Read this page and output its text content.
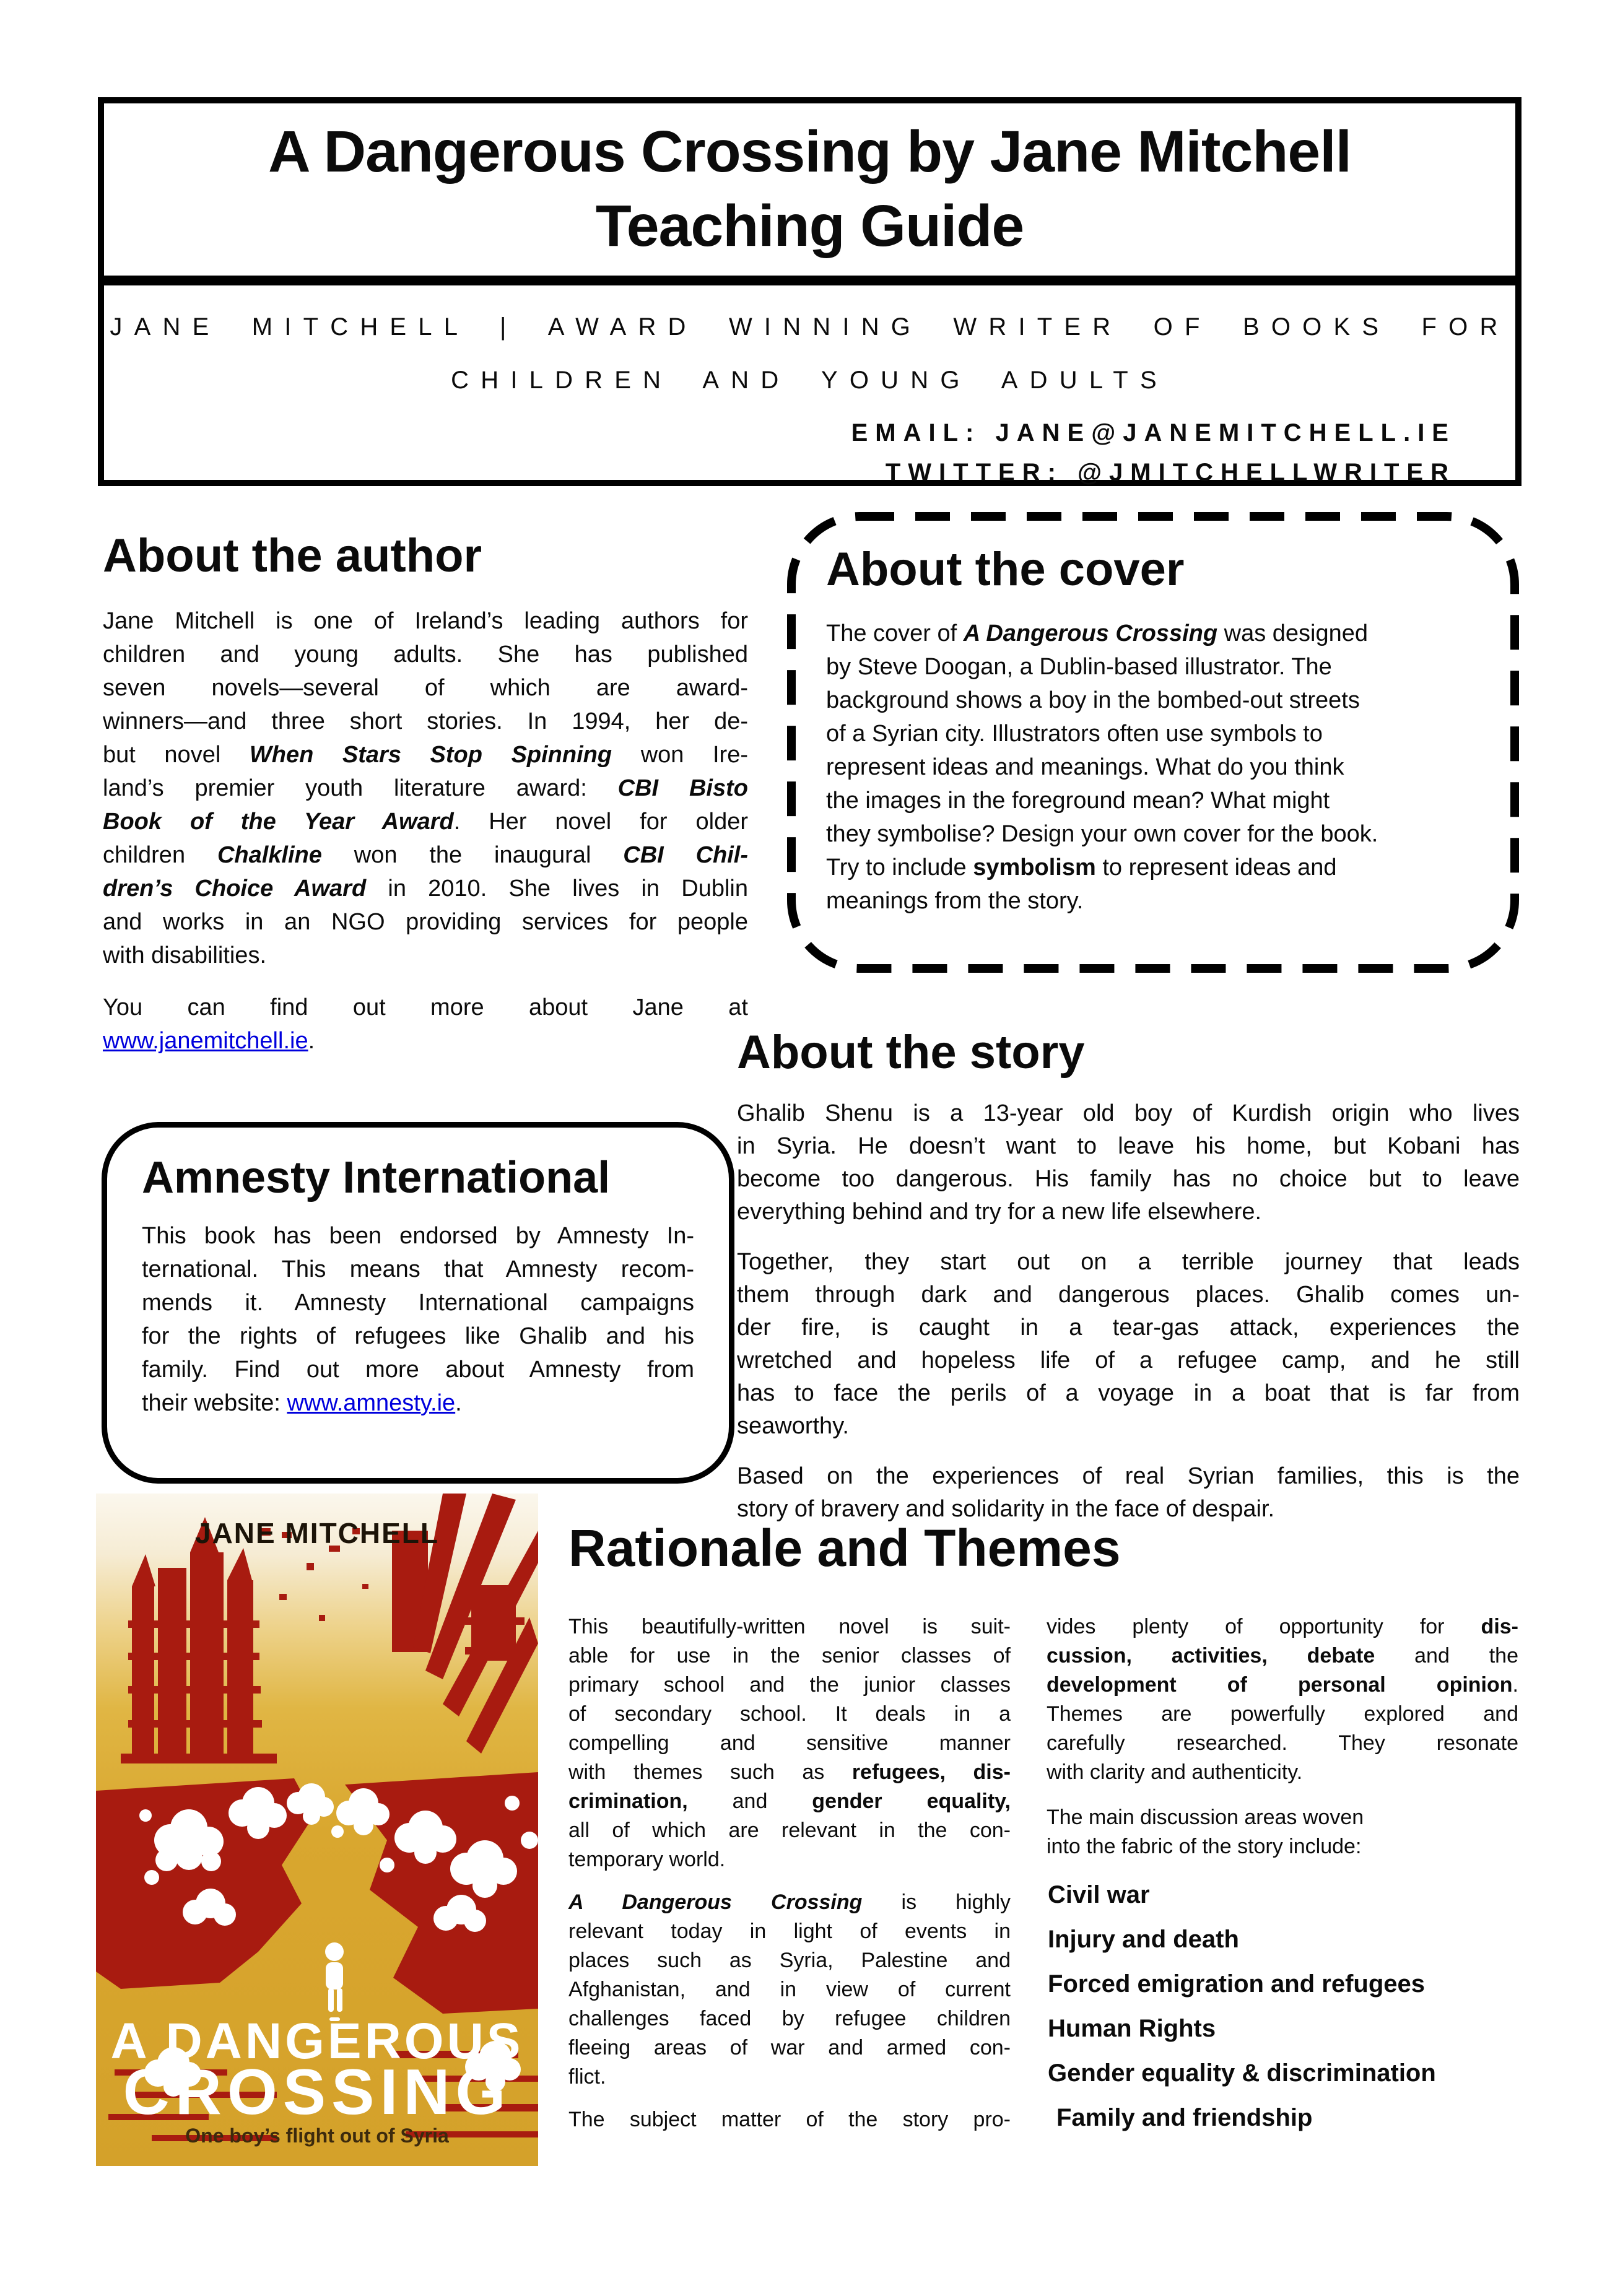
A Dangerous Crossing by Jane Mitchell
Teaching Guide
JANE MITCHELL | AWARD WINNING WRITER OF BOOKS FOR
CHILDREN AND YOUNG ADULTS
EMAIL: JANE@JANEMITCHELL.IE
TWITTER: @JMITCHELLWRITER
About the author
Jane Mitchell is one of Ireland’s leading authors for
children and young adults. She has published
seven novels—several of which are award-
winners—and three short stories. In 1994, her de-
but novel When Stars Stop Spinning won Ire-
land’s premier youth literature award: CBI Bisto
Book of the Year Award. Her novel for older
children Chalkline won the inaugural CBI Chil-
dren’s Choice Award in 2010. She lives in Dublin
and works in an NGO providing services for people
with disabilities.
You can find out more about Jane at
www.janemitchell.ie.
About the cover
The cover of A Dangerous Crossing was designed
by Steve Doogan, a Dublin-based illustrator. The
background shows a boy in the bombed-out streets
of a Syrian city. Illustrators often use symbols to
represent ideas and meanings. What do you think
the images in the foreground mean? What might
they symbolise? Design your own cover for the book.
Try to include symbolism to represent ideas and
meanings from the story.
About the story
Ghalib Shenu is a 13-year old boy of Kurdish origin who lives
in Syria. He doesn’t want to leave his home, but Kobani has
become too dangerous. His family has no choice but to leave
everything behind and try for a new life elsewhere.
Together, they start out on a terrible journey that leads
them through dark and dangerous places. Ghalib comes un-
der fire, is caught in a tear-gas attack, experiences the
wretched and hopeless life of a refugee camp, and he still
has to face the perils of a voyage in a boat that is far from
seaworthy.
Based on the experiences of real Syrian families, this is the
story of bravery and solidarity in the face of despair.
Amnesty International
This book has been endorsed by Amnesty In-
ternational. This means that Amnesty recom-
mends it. Amnesty International campaigns
for the rights of refugees like Ghalib and his
family. Find out more about Amnesty from
their website: www.amnesty.ie.
JANE MITCHELL
A DANGEROUS
CROSSING
One boy’s flight out of Syria
Rationale and Themes
This beautifully-written novel is suit-
able for use in the senior classes of
primary school and the junior classes
of secondary school. It deals in a
compelling and sensitive manner
with themes such as refugees, dis-
crimination, and gender equality,
all of which are relevant in the con-
temporary world.
A Dangerous Crossing is highly
relevant today in light of events in
places such as Syria, Palestine and
Afghanistan, and in view of current
challenges faced by refugee children
fleeing areas of war and armed con-
flict.
The subject matter of the story pro-
vides plenty of opportunity for dis-
cussion, activities, debate and the
development of personal opinion.
Themes are powerfully explored and
carefully researched. They resonate
with clarity and authenticity.
The main discussion areas woven
into the fabric of the story include:
Civil war
Injury and death
Forced emigration and refugees
Human Rights
Gender equality & discrimination
Family and friendship
